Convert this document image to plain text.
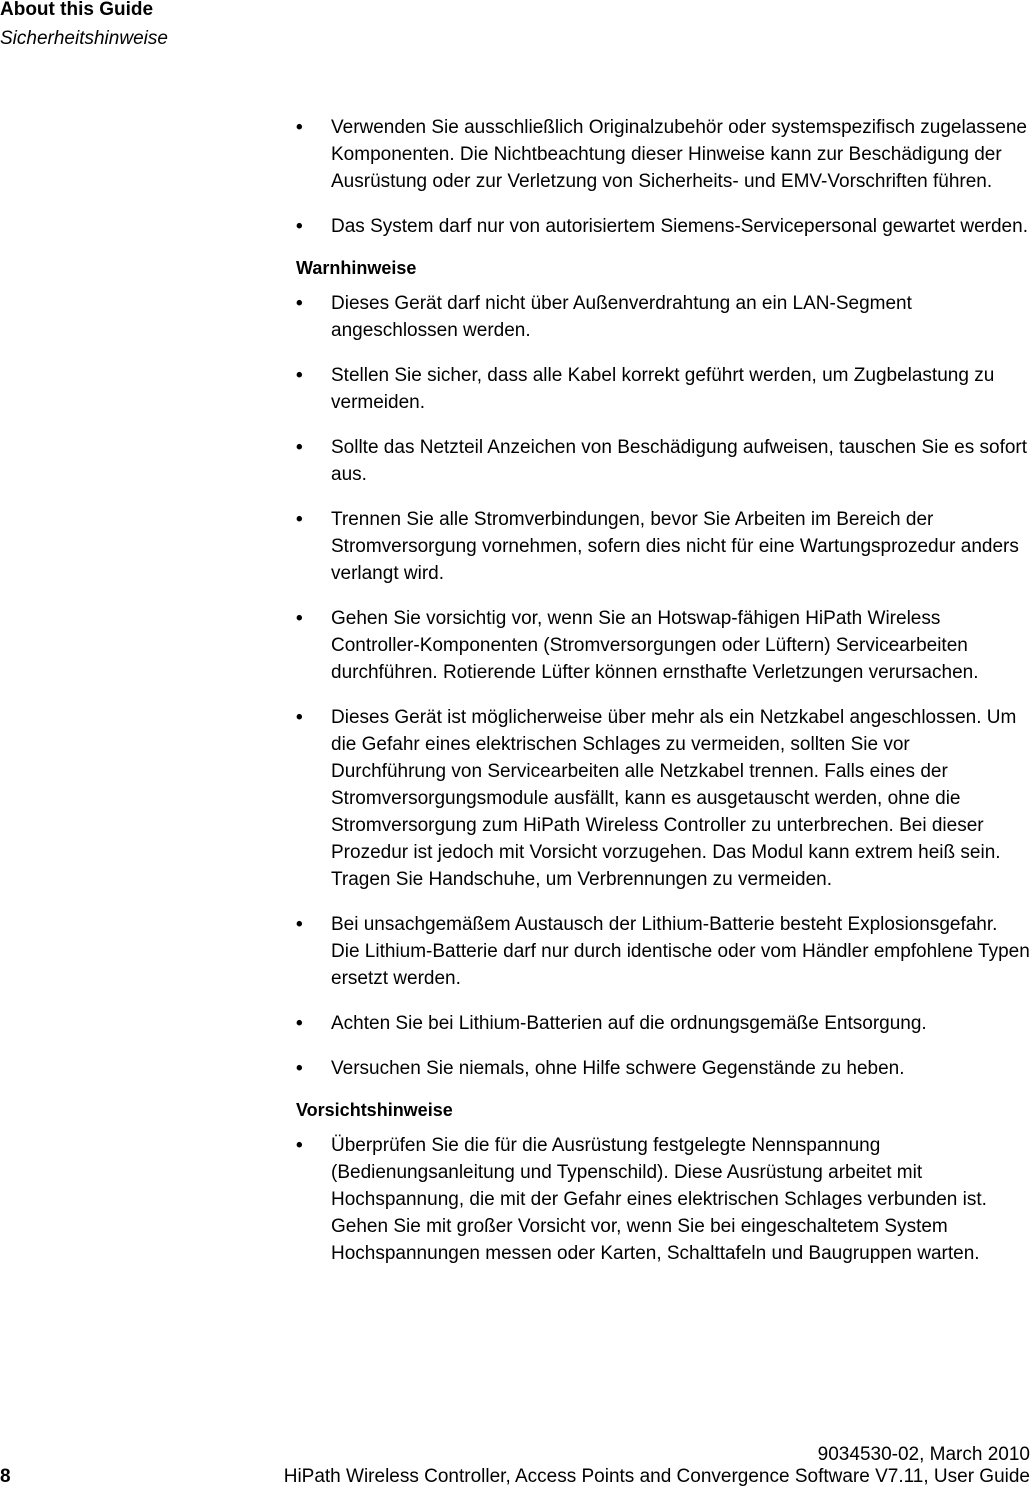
About this Guide
Sicherheitshinweise
• Verwenden Sie ausschließlich Originalzubehör oder systemspezifisch zugelassene Komponenten. Die Nichtbeachtung dieser Hinweise kann zur Beschädigung der Ausrüstung oder zur Verletzung von Sicherheits- und EMV-Vorschriften führen.
• Das System darf nur von autorisiertem Siemens-Servicepersonal gewartet werden.
Warnhinweise
• Dieses Gerät darf nicht über Außenverdrahtung an ein LAN-Segment angeschlossen werden.
• Stellen Sie sicher, dass alle Kabel korrekt geführt werden, um Zugbelastung zu vermeiden.
• Sollte das Netzteil Anzeichen von Beschädigung aufweisen, tauschen Sie es sofort aus.
• Trennen Sie alle Stromverbindungen, bevor Sie Arbeiten im Bereich der Stromversorgung vornehmen, sofern dies nicht für eine Wartungsprozedur anders verlangt wird.
• Gehen Sie vorsichtig vor, wenn Sie an Hotswap-fähigen HiPath Wireless Controller-Komponenten (Stromversorgungen oder Lüftern) Servicearbeiten durchführen. Rotierende Lüfter können ernsthafte Verletzungen verursachen.
• Dieses Gerät ist möglicherweise über mehr als ein Netzkabel angeschlossen. Um die Gefahr eines elektrischen Schlages zu vermeiden, sollten Sie vor Durchführung von Servicearbeiten alle Netzkabel trennen. Falls eines der Stromversorgungsmodule ausfällt, kann es ausgetauscht werden, ohne die Stromversorgung zum HiPath Wireless Controller zu unterbrechen. Bei dieser Prozedur ist jedoch mit Vorsicht vorzugehen. Das Modul kann extrem heiß sein. Tragen Sie Handschuhe, um Verbrennungen zu vermeiden.
• Bei unsachgemäßem Austausch der Lithium-Batterie besteht Explosionsgefahr. Die Lithium-Batterie darf nur durch identische oder vom Händler empfohlene Typen ersetzt werden.
• Achten Sie bei Lithium-Batterien auf die ordnungsgemäße Entsorgung.
• Versuchen Sie niemals, ohne Hilfe schwere Gegenstände zu heben.
Vorsichtshinweise
• Überprüfen Sie die für die Ausrüstung festgelegte Nennspannung (Bedienungsanleitung und Typenschild). Diese Ausrüstung arbeitet mit Hochspannung, die mit der Gefahr eines elektrischen Schlages verbunden ist. Gehen Sie mit großer Vorsicht vor, wenn Sie bei eingeschaltetem System Hochspannungen messen oder Karten, Schalttafeln und Baugruppen warten.
9034530-02, March 2010
8	HiPath Wireless Controller, Access Points and Convergence Software V7.11, User Guide
